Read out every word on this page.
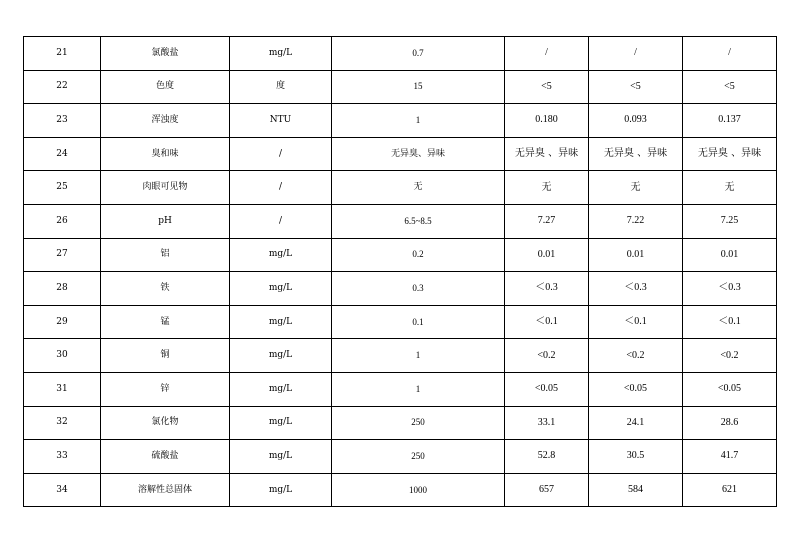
21	氯酸盐	mg/L	0.7	/	/	/
22	色度	度	15	<5	<5	<5
23	浑浊度	NTU	1	0.180	0.093	0.137
24	臭和味	/	无异臭、异味	无异臭 、异味	无异臭 、异味	无异臭 、异味
25	肉眼可见物	/	无	无	无	无
26	pH	/	6.5~8.5	7.27	7.22	7.25
27	铝	mg/L	0.2	0.01	0.01	0.01
28	铁	mg/L	0.3	＜0.3	＜0.3	＜0.3
29	锰	mg/L	0.1	＜0.1	＜0.1	＜0.1
30	铜	mg/L	1	<0.2	<0.2	<0.2
31	锌	mg/L	1	<0.05	<0.05	<0.05
32	氯化物	mg/L	250	33.1	24.1	28.6
33	硫酸盐	mg/L	250	52.8	30.5	41.7
34	溶解性总固体	mg/L	1000	657	584	621
